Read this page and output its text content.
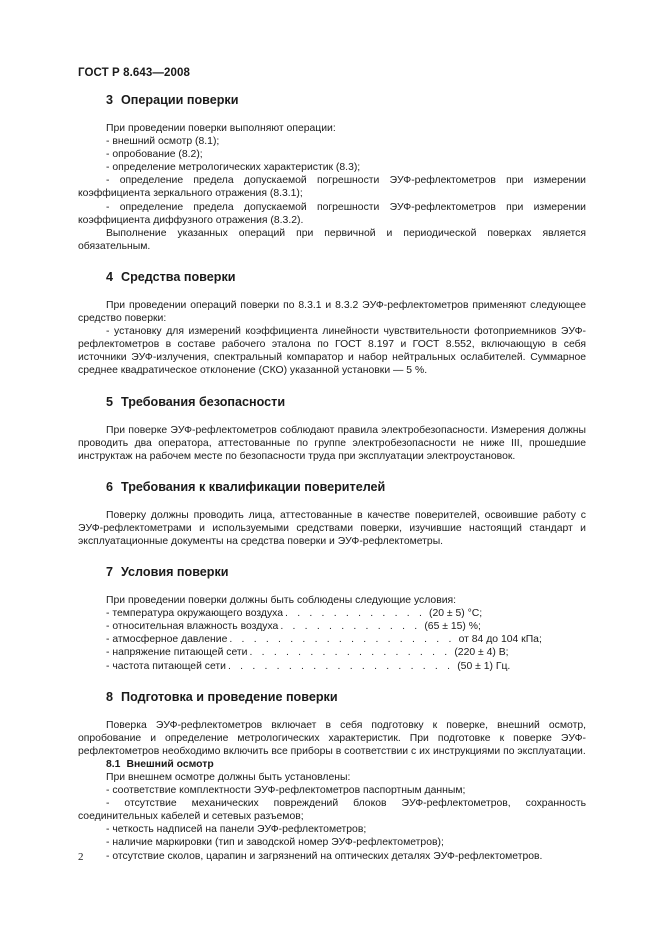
ГОСТ Р 8.643—2008
3 Операции поверки

При проведении поверки выполняют операции:

- внешний осмотр (8.1);

- опробование (8.2);

- определение метрологических характеристик (8.3);

- определение предела допускаемой погрешности ЭУФ-рефлектометров при измерении коэффициента зеркального отражения (8.3.1);

- определение предела допускаемой погрешности ЭУФ-рефлектометров при измерении коэффициента диффузного отражения (8.3.2).

Выполнение указанных операций при первичной и периодической поверках является обязательным.

4 Средства поверки

При проведении операций поверки по 8.3.1 и 8.3.2 ЭУФ-рефлектометров применяют следующее средство поверки:

- установку для измерений коэффициента линейности чувствительности фотоприемников ЭУФ-рефлектометров в составе рабочего эталона по ГОСТ 8.197 и ГОСТ 8.552, включающую в себя источники ЭУФ-излучения, спектральный компаратор и набор нейтральных ослабителей. Суммарное среднее квадратическое отклонение (СКО) указанной установки — 5 %.

5 Требования безопасности

При поверке ЭУФ-рефлектометров соблюдают правила электробезопасности. Измерения должны проводить два оператора, аттестованные по группе электробезопасности не ниже III, прошедшие инструктаж на рабочем месте по безопасности труда при эксплуатации электроустановок.

6 Требования к квалификации поверителей

Поверку должны проводить лица, аттестованные в качестве поверителей, освоившие работу с ЭУФ-рефлектометрами и используемыми средствами поверки, изучившие настоящий стандарт и эксплуатационные документы на средства поверки и ЭУФ-рефлектометры.

7 Условия поверки

При проведении поверки должны быть соблюдены следующие условия:

- температура окружающего воздуха . . . . . . . . . . . . (20 ± 5) °С;
- относительная влажность воздуха . . . . . . . . . . . . (65 ± 15) %;
- атмосферное давление . . . . . . . . . . . . . . . . . . . от 84 до 104 кПа;
- напряжение питающей сети . . . . . . . . . . . . . . . . . (220 ± 4) В;
- частота питающей сети . . . . . . . . . . . . . . . . . . . (50 ± 1) Гц.
8 Подготовка и проведение поверки

Поверка ЭУФ-рефлектометров включает в себя подготовку к поверке, внешний осмотр, опробование и определение метрологических характеристик. При подготовке к поверке ЭУФ-рефлектометров необходимо включить все приборы в соответствии с их инструкциями по эксплуатации.

8.1 Внешний осмотр

При внешнем осмотре должны быть установлены:

- соответствие комплектности ЭУФ-рефлектометров паспортным данным;

- отсутствие механических повреждений блоков ЭУФ-рефлектометров, сохранность соединительных кабелей и сетевых разъемов;

- четкость надписей на панели ЭУФ-рефлектометров;

- наличие маркировки (тип и заводской номер ЭУФ-рефлектометров);

- отсутствие сколов, царапин и загрязнений на оптических деталях ЭУФ-рефлектометров.

2
